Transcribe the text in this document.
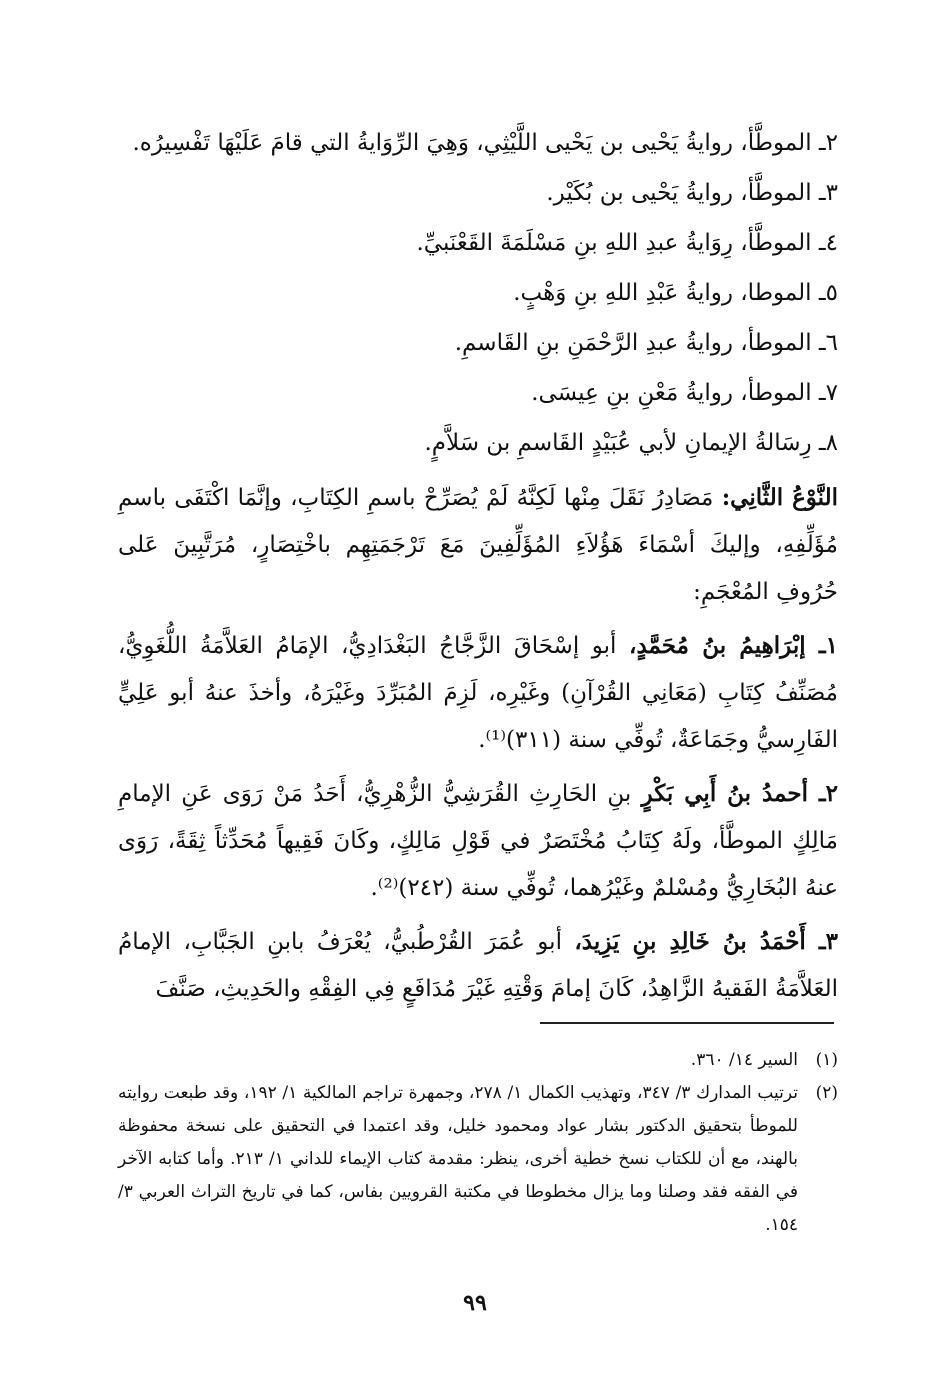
٢ـ الموطَّأ، روايةُ يَحْيى بن يَحْيى اللَّيْثِي، وَهِيَ الرِّوَايةُ التي قامَ عَلَيْهَا تَفْسِيرُه.
٣ـ الموطَّأ، روايةُ يَحْيى بن بُكَيْر.
٤ـ الموطَّأ، رِوَايةُ عبدِ اللهِ بنِ مَسْلَمَةَ القَعْنَبيِّ.
٥ـ الموطا، روايةُ عَبْدِ اللهِ بنِ وَهْبٍ.
٦ـ الموطأ، روايةُ عبدِ الرَّحْمَنِ بنِ القَاسمِ.
٧ـ الموطأ، روايةُ مَعْنِ بنِ عِيسَى.
٨ـ رِسَالةُ الإيمانِ لأبي عُبَيْدٍ القَاسمِ بن سَلاَّمٍ.
النَّوْعُ الثَّانِي: مَصَادِرُ نَقَلَ مِنْها لَكِنَّهُ لَمْ يُصَرِّحْ باسمِ الكِتَابِ، وإنَّمَا اكْتَفَى باسمِ مُؤَلِّفِهِ، وإليكَ أسْمَاءَ هَؤُلاَءِ المُؤَلِّفِينَ مَعَ تَرْجَمَتِهِم باخْتِصَارٍ، مُرَتَّبِينَ عَلى حُرُوفِ المُعْجَمِ:
١ـ إبْرَاهِيمُ بنُ مُحَمَّدٍ، أبو إسْحَاقَ الزَّجَّاجُ البَغْدَادِيُّ، الإمَامُ العَلاَّمَةُ اللُّغَوِيُّ، مُصَنِّفُ كِتَابِ (مَعَانِي القُرْآنِ) وغَيْرِه، لَزِمَ المُبَرِّدَ وغَيْرَهُ، وأخذَ عنهُ أبو عَلِيٍّ الفَارِسيُّ وجَمَاعَةٌ، تُوفِّي سنة (٣١١)⁽¹⁾.
٢ـ أحمدُ بنُ أَبِي بَكْرٍ بنِ الحَارِثِ القُرَشِيُّ الزُّهْرِيُّ، أَحَدُ مَنْ رَوَى عَنِ الإمامِ مَالِكٍ الموطَّأ، ولَهُ كِتَابُ مُخْتَصَرٌ في قَوْلِ مَالِكٍ، وكَانَ فَقِيهاً مُحَدِّثاً ثِقَةً، رَوَى عنهُ البُخَارِيُّ ومُسْلمٌ وغَيْرُهما، تُوفِّي سنة (٢٤٢)⁽²⁾.
٣ـ أَحْمَدُ بنُ خَالِدِ بنِ يَزِيدَ، أبو عُمَرَ القُرْطُبيُّ، يُعْرَفُ بابنِ الجَبَّابِ، الإمامُ العَلاَّمَةُ الفَقيهُ الزَّاهِدُ، كَانَ إمامَ وَقْتِهِ غَيْرَ مُدَافَعٍ فِي الفِقْهِ والحَدِيثِ، صَنَّفَ
(١)
السير ١٤/ ٣٦٠.
(٢)
ترتيب المدارك ٣/ ٣٤٧، وتهذيب الكمال ١/ ٢٧٨، وجمهرة تراجم المالكية ١/ ١٩٢، وقد طبعت روايته للموطأ بتحقيق الدكتور بشار عواد ومحمود خليل، وقد اعتمدا في التحقيق على نسخة محفوظة بالهند، مع أن للكتاب نسخ خطية أخرى، ينظر: مقدمة كتاب الإيماء للداني ١/ ٢١٣. وأما كتابه الآخر في الفقه فقد وصلنا وما يزال مخطوطا في مكتبة القرويين بفاس، كما في تاريخ التراث العربي ٣/ ١٥٤.
٩٩
